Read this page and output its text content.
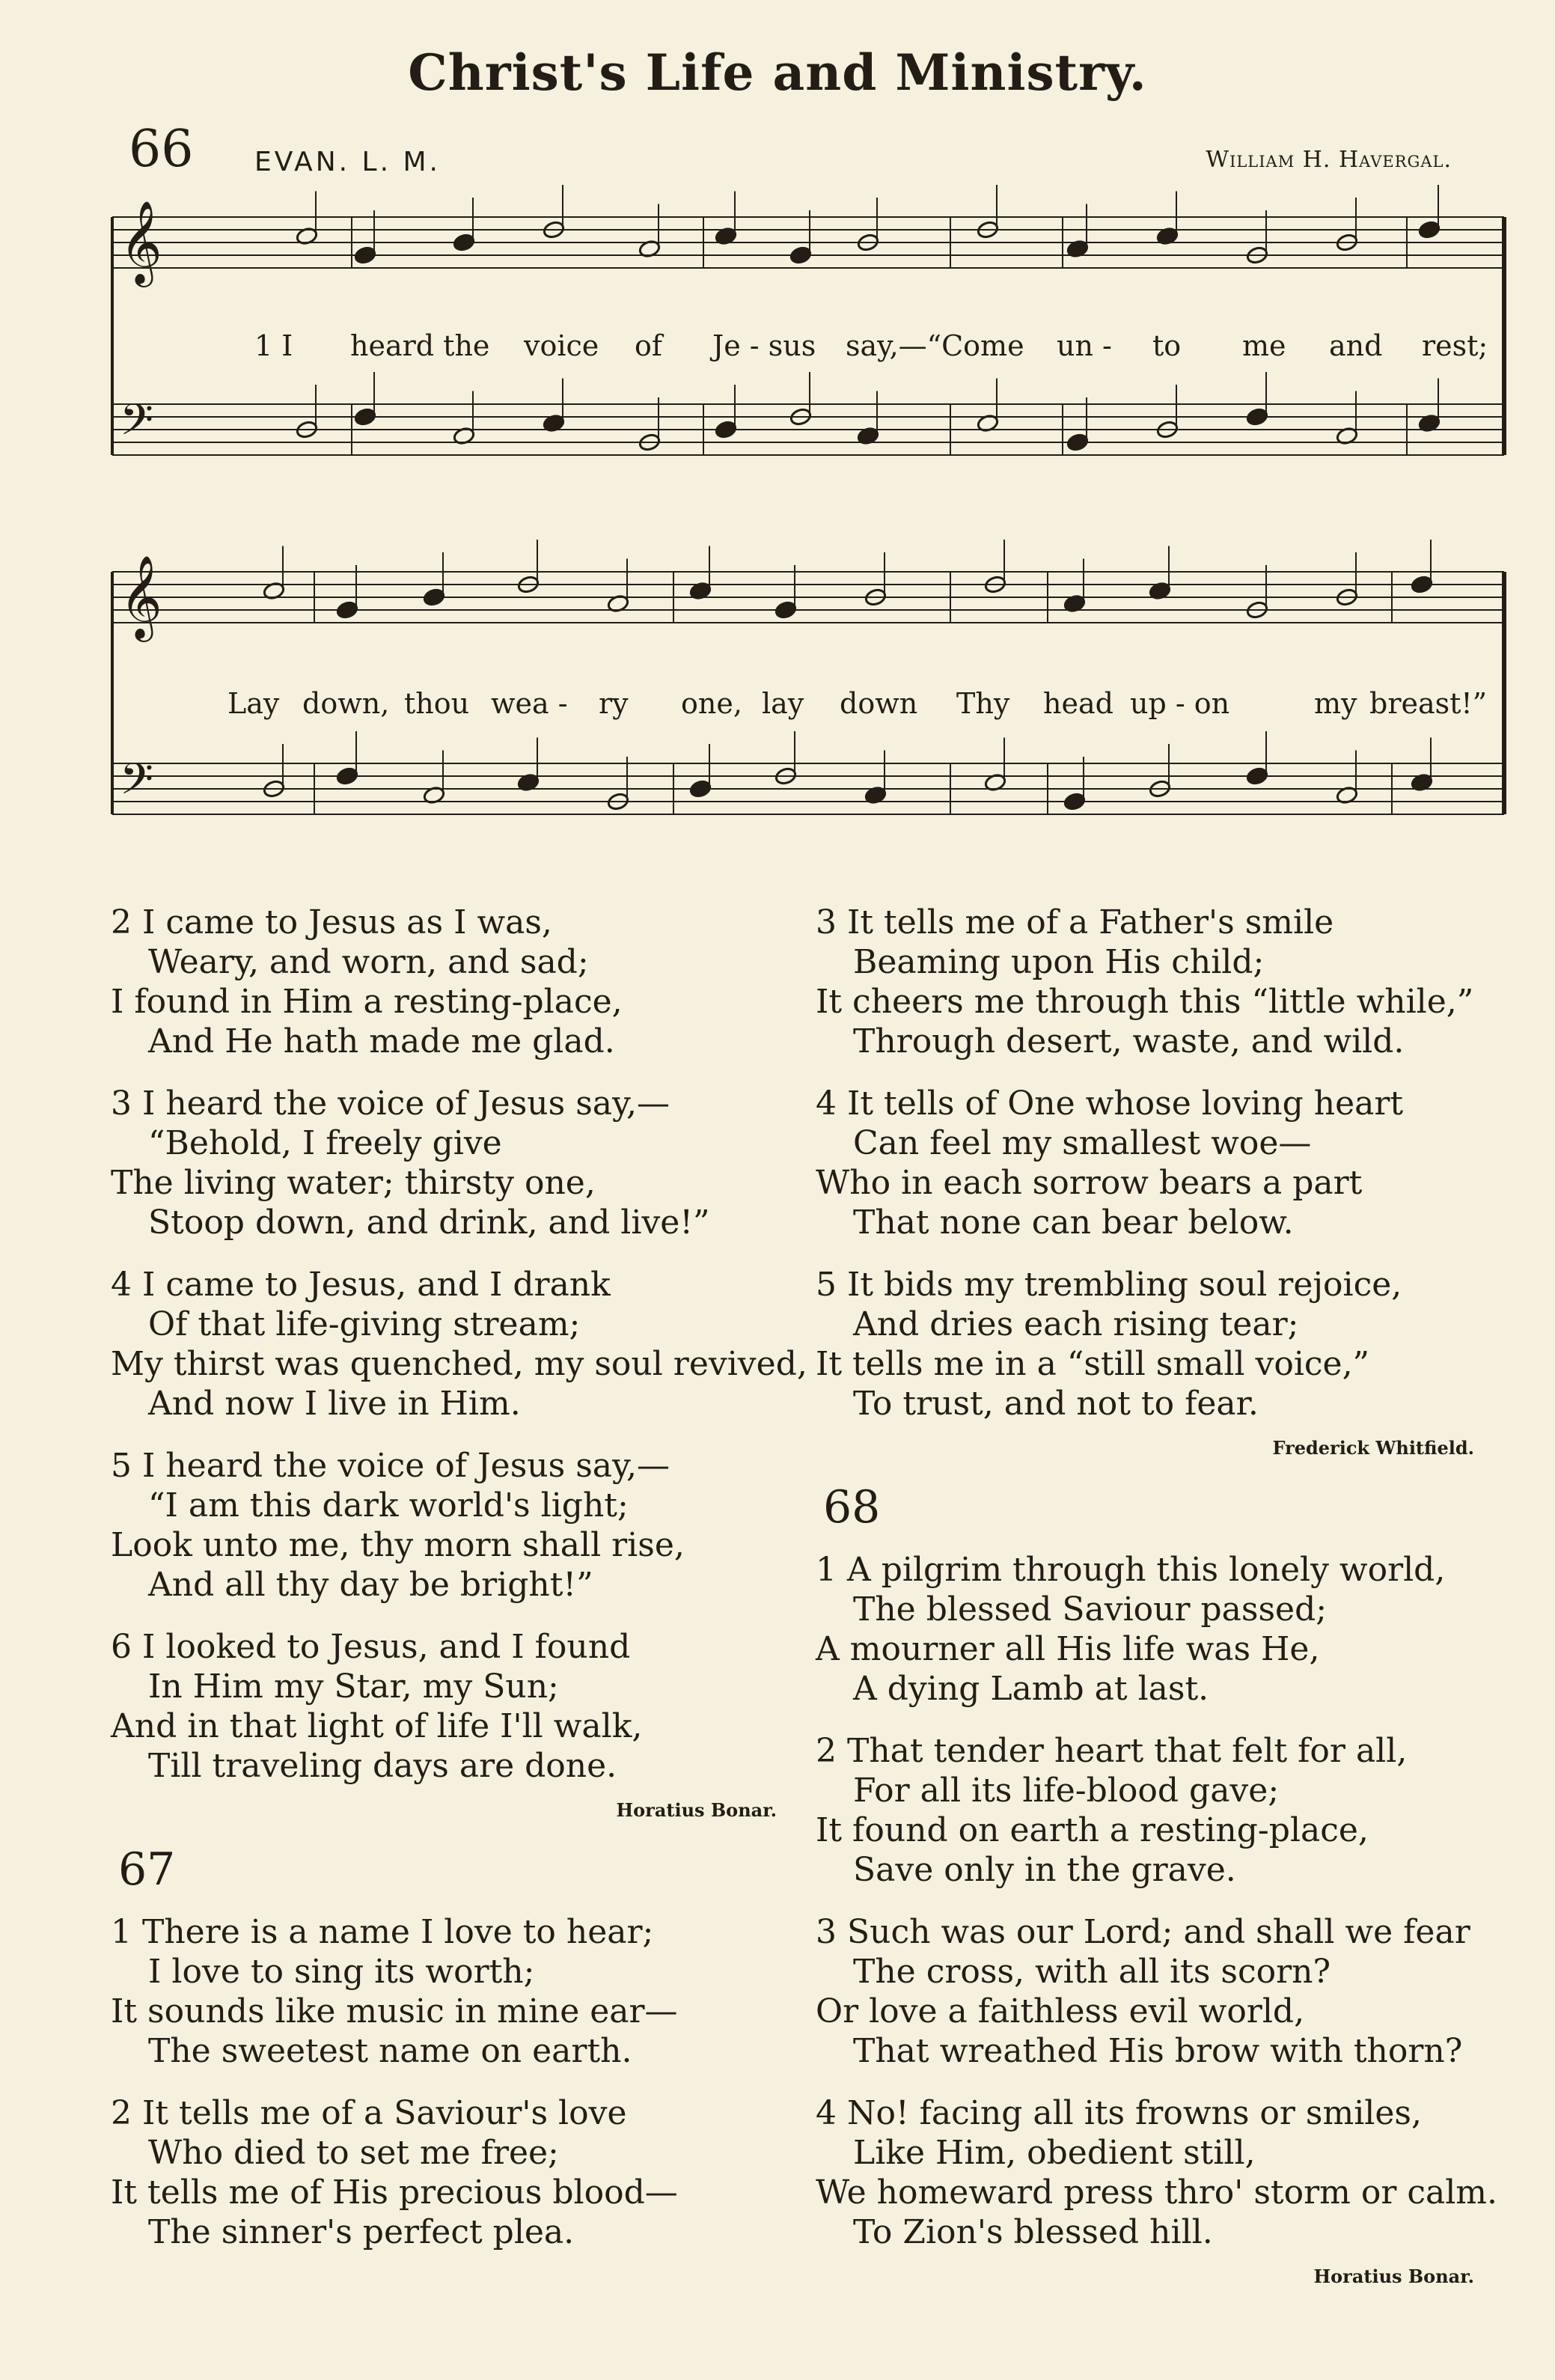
Christ's Life and Ministry.
66 EVAN. L. M.	William H. Havergal.
𝄞
𝄢
𝄞
𝄢
1 I heard the voice of Je - sus say,—“Come un - to me and rest;
Lay down, thou wea - ry one, lay down Thy head up - on	my breast!”
2 I came to Jesus as I was,
Weary, and worn, and sad;
I found in Him a resting-place,
And He hath made me glad.
3 I heard the voice of Jesus say,—
“Behold, I freely give
The living water; thirsty one,
Stoop down, and drink, and live!”
4 I came to Jesus, and I drank
Of that life-giving stream;
My thirst was quenched, my soul revived,
And now I live in Him.
5 I heard the voice of Jesus say,—
“I am this dark world's light;
Look unto me, thy morn shall rise,
And all thy day be bright!”
6 I looked to Jesus, and I found
In Him my Star, my Sun;
And in that light of life I'll walk,
Till traveling days are done.
Horatius Bonar.
67
1 There is a name I love to hear;
I love to sing its worth;
It sounds like music in mine ear—
The sweetest name on earth.
2 It tells me of a Saviour's love
Who died to set me free;
It tells me of His precious blood—
The sinner's perfect plea.
3 It tells me of a Father's smile
Beaming upon His child;
It cheers me through this “little while,”
Through desert, waste, and wild.
4 It tells of One whose loving heart
Can feel my smallest woe—
Who in each sorrow bears a part
That none can bear below.
5 It bids my trembling soul rejoice,
And dries each rising tear;
It tells me in a “still small voice,”
To trust, and not to fear.
Frederick Whitfield.
68
1 A pilgrim through this lonely world,
The blessed Saviour passed;
A mourner all His life was He,
A dying Lamb at last.
2 That tender heart that felt for all,
For all its life-blood gave;
It found on earth a resting-place,
Save only in the grave.
3 Such was our Lord; and shall we fear
The cross, with all its scorn?
Or love a faithless evil world,
That wreathed His brow with thorn?
4 No! facing all its frowns or smiles,
Like Him, obedient still,
We homeward press thro' storm or calm.
To Zion's blessed hill.
Horatius Bonar.
